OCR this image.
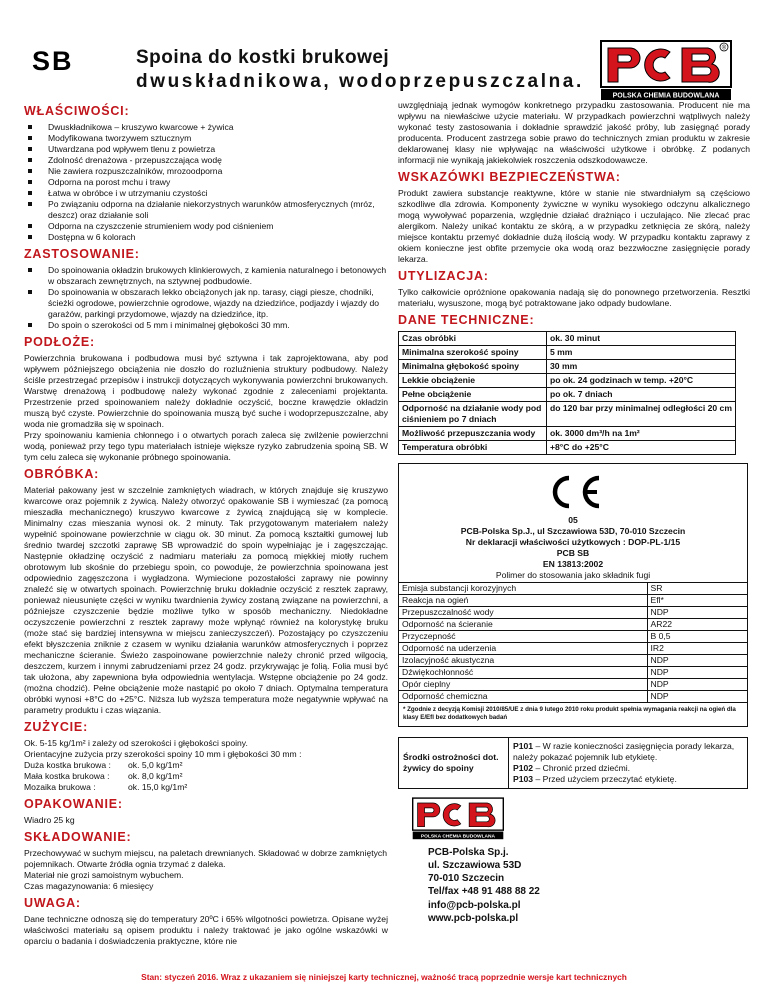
SB	Spoina do kostki brukowej
dwuskładnikowa, wodoprzepuszczalna.
®
POLSKA CHEMIA BUDOWLANA
WŁAŚCIWOŚCI:
Dwuskładnikowa – kruszywo kwarcowe + żywica
Modyfikowana tworzywem sztucznym
Utwardzana pod wpływem tlenu z powietrza
Zdolność drenażowa - przepuszczająca wodę
Nie zawiera rozpuszczalników, mrozoodporna
Odporna na porost mchu i trawy
Łatwa w obróbce i w utrzymaniu czystości
Po związaniu odporna na działanie niekorzystnych warunków atmosferycznych (mróz, deszcz) oraz działanie soli
Odporna na czyszczenie strumieniem wody pod ciśnieniem
Dostępna w 6 kolorach
ZASTOSOWANIE:
Do spoinowania okładzin brukowych klinkierowych, z kamienia naturalnego i betonowych w obszarach zewnętrznych, na sztywnej podbudowie.
Do spoinowania w obszarach lekko obciążonych jak np. tarasy, ciągi piesze, chodniki, ścieżki ogrodowe, powierzchnie ogrodowe, wjazdy na dziedzińce, podjazdy i wjazdy do garażów, parkingi przydomowe, wjazdy na dziedzińce, itp.
Do spoin o szerokości od 5 mm i minimalnej głębokości 30 mm.
PODŁOŻE:

Powierzchnia brukowana i podbudowa musi być sztywna i tak zaprojektowana, aby pod wpływem późniejszego obciążenia nie doszło do rozluźnienia struktury podbudowy. Należy ściśle przestrzegać przepisów i instrukcji dotyczących wykonywania powierzchni brukowanych. Warstwę drenażową i podbudowę należy wykonać zgodnie z zaleceniami projektanta. Przestrzenie przed spoinowaniem należy dokładnie oczyścić, boczne krawędzie okładzin muszą być czyste. Powierzchnie do spoinowania muszą być suche i wodoprzepuszczalne, aby woda nie gromadziła się w spoinach.

Przy spoinowaniu kamienia chłonnego i o otwartych porach zaleca się zwilżenie powierzchni wodą, ponieważ przy tego typu materiałach istnieje większe ryzyko zabrudzenia spoiną SB. W tym celu zaleca się wykonanie próbnego spoinowania.

OBRÓBKA:

Materiał pakowany jest w szczelnie zamkniętych wiadrach, w których znajduje się kruszywo kwarcowe oraz pojemnik z żywicą. Należy otworzyć opakowanie SB i wymieszać (za pomocą mieszadła mechanicznego) kruszywo kwarcowe z żywicą znajdującą się w komplecie. Minimalny czas mieszania wynosi ok. 2 minuty. Tak przygotowanym materiałem należy wypełnić spoinowane powierzchnie w ciągu ok. 30 minut. Za pomocą kształtki gumowej lub średnio twardej szczotki zaprawę SB wprowadzić do spoin wypełniając je i zagęszczając. Następnie okładzinę oczyścić z nadmiaru materiału za pomocą miękkiej miotły ruchem obrotowym lub skośnie do przebiegu spoin, co powoduje, że powierzchnia spoinowana jest odpowiednio zagęszczona i wygładzona. Wymiecione pozostałości zaprawy nie powinny znaleźć się w otwartych spoinach. Powierzchnię bruku dokładnie oczyścić z resztek zaprawy, ponieważ nieusunięte części w wyniku twardnienia żywicy zostaną związane na powierzchni, a późniejsze czyszczenie będzie możliwe tylko w sposób mechaniczny. Niedokładne oczyszczenie powierzchni z resztek zaprawy może wpłynąć również na kolorystykę bruku (może stać się bardziej intensywna w miejscu zanieczyszczeń). Pozostający po czyszczeniu efekt błyszczenia zniknie z czasem w wyniku działania warunków atmosferycznych i poprzez mechaniczne ścieranie. Świeżo zaspoinowane powierzchnie należy chronić przed wilgocią, deszczem, kurzem i innymi zabrudzeniami przez 24 godz. przykrywając je folią. Folia musi być tak ułożona, aby zapewniona była odpowiednia wentylacja. Wstępne obciążenie po 24 godz. (można chodzić). Pełne obciążenie może nastąpić po około 7 dniach. Optymalna temperatura obróbki wynosi +8°C do +25°C. Niższa lub wyższa temperatura może negatywnie wpływać na parametry produktu i czas wiązania.

ZUŻYCIE:
Ok. 5-15 kg/1m² i zależy od szerokości i głębokości spoiny.
Orientacyjne zużycia przy szerokości spoiny 10 mm i głębokości 30 mm :
Duża kostka brukowa : ok. 5,0 kg/1m²
Mała kostka brukowa : ok. 8,0 kg/1m²
Mozaika brukowa :	ok. 15,0 kg/1m²
OPAKOWANIE:
Wiadro 25 kg
SKŁADOWANIE:
Przechowywać w suchym miejscu, na paletach drewnianych. Składować w dobrze zamkniętych pojemnikach. Otwarte źródła ognia trzymać z daleka.
Materiał nie grozi samoistnym wybuchem.
Czas magazynowania: 6 miesięcy
UWAGA:

Dane techniczne odnoszą się do temperatury 20ºC i 65% wilgotności powietrza. Opisane wyżej właściwości materiału są opisem produktu i należy traktować je jako ogólne wskazówki w oparciu o badania i doświadczenia praktyczne, które nie

uwzględniają jednak wymogów konkretnego przypadku zastosowania. Producent nie ma wpływu na niewłaściwe użycie materiału. W przypadkach powierzchni wątpliwych należy wykonać testy zastosowania i dokładnie sprawdzić jakość próby, lub zasięgnąć porady producenta. Producent zastrzega sobie prawo do technicznych zmian produktu w zakresie deklarowanej klasy nie wpływając na właściwości użytkowe i obróbkę. Z podanych informacji nie wynikają jakiekolwiek roszczenia odszkodowawcze.

WSKAZÓWKI BEZPIECZEŃSTWA:

Produkt zawiera substancje reaktywne, które w stanie nie stwardniałym są częściowo szkodliwe dla zdrowia. Komponenty żywiczne w wyniku wysokiego odczynu alkalicznego mogą wywoływać poparzenia, względnie działać drażniąco i uczulająco. Nie zlecać prac alergikom. Należy unikać kontaktu ze skórą, a w przypadku zetknięcia ze skórą, należy miejsce kontaktu przemyć dokładnie dużą ilością wody. W przypadku kontaktu zaprawy z okiem konieczne jest obfite przemycie oka wodą oraz bezzwłoczne zasięgnięcie porady lekarza.

UTYLIZACJA:

Tylko całkowicie opróżnione opakowania nadają się do ponownego przetworzenia. Resztki materiału, wysuszone, mogą być potraktowane jako odpady budowlane.

DANE TECHNICZNE:
Czas obróbki	ok. 30 minut
Minimalna szerokość spoiny	5 mm
Minimalna głębokość spoiny	30 mm
Lekkie obciążenie	po ok. 24 godzinach w temp. +20°C
Pełne obciążenie	po ok. 7 dniach
Odporność na działanie wody pod ciśnieniem po 7 dniach	do 120 bar przy minimalnej odległości 20 cm
Możliwość przepuszczania wody	ok. 3000 dm³/h na 1m²
Temperatura obróbki	+8°C do +25°C
05
PCB-Polska Sp.J., ul Szczawiowa 53D, 70-010 Szczecin
Nr deklaracji właściwości użytkowych : DOP-PL-1/15
PCB SB
EN 13813:2002
Polimer do stosowania jako składnik fugi
Emisja substancji korozyjnych	SR
Reakcja na ogień	Efl*
Przepuszczalność wody	NDP
Odporność na ścieranie	AR22
Przyczepność	B 0,5
Odporność na uderzenia	IR2
Izolacyjność akustyczna	NDP
Dźwiękochłonność	NDP
Opór cieplny	NDP
Odporność chemiczna	NDP
* Zgodnie z decyzją Komisji 2010/85/UE z dnia 9 lutego 2010 roku produkt spełnia wymagania reakcji na ogień dla klasy E/Efl bez dodatkowych badań
Środki ostrożności dot. żywicy do spoiny	
P101 – W razie konieczności zasięgnięcia porady lekarza, należy pokazać pojemnik lub etykietę.
P102 – Chronić przed dziećmi.
P103 – Przed użyciem przeczytać etykietę.
POLSKA CHEMIA BUDOWLANA
PCB-Polska Sp.j.
ul. Szczawiowa 53D
70-010 Szczecin
Tel/fax +48 91 488 88 22
info@pcb-polska.pl
www.pcb-polska.pl
Stan: styczeń 2016. Wraz z ukazaniem się niniejszej karty technicznej, ważność tracą poprzednie wersje kart technicznych
